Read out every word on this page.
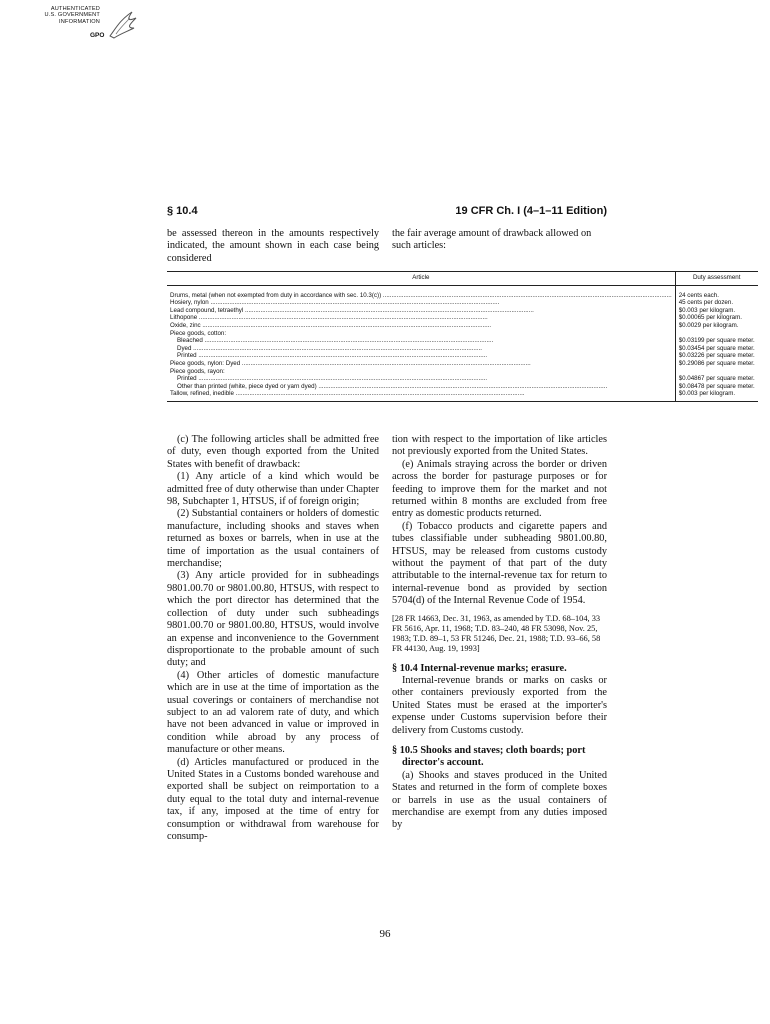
AUTHENTICATED
U.S. GOVERNMENT
INFORMATION
GPO
§ 10.4	19 CFR Ch. I (4–1–11 Edition)

be assessed thereon in the amounts respectively indicated, the amount shown in each case being considered

the fair average amount of drawback allowed on such articles:

Article	Duty assessment
Drums, metal (when not exempted from duty in accordance with sec. 10.3(c)) .....	24 cents each.
Hosiery, nylon .....	45 cents per dozen.
Lead compound, tetraethyl .....	$0.003 per kilogram.
Lithopone .....	$0.00065 per kilogram.
Oxide, zinc .....	$0.0029 per kilogram.
Piece goods, cotton:	
Bleached .....	$0.03199 per square meter.
Dyed .....	$0.03454 per square meter.
Printed .....	$0.03226 per square meter.
Piece goods, nylon: Dyed .....	$0.29086 per square meter.
Piece goods, rayon:	
Printed .....	$0.04867 per square meter.
Other than printed (white, piece dyed or yarn dyed) .....	$0.08478 per square meter.
Tallow, refined, inedible .....	$0.003 per kilogram.

(c) The following articles shall be admitted free of duty, even though exported from the United States with benefit of drawback:

(1) Any article of a kind which would be admitted free of duty otherwise than under Chapter 98, Subchapter 1, HTSUS, if of foreign origin;

(2) Substantial containers or holders of domestic manufacture, including shooks and staves when returned as boxes or barrels, when in use at the time of importation as the usual containers of merchandise;

(3) Any article provided for in subheadings 9801.00.70 or 9801.00.80, HTSUS, with respect to which the port director has determined that the collection of duty under such subheadings 9801.00.70 or 9801.00.80, HTSUS, would involve an expense and inconvenience to the Government disproportionate to the probable amount of such duty; and

(4) Other articles of domestic manufacture which are in use at the time of importation as the usual coverings or containers of merchandise not subject to an ad valorem rate of duty, and which have not been advanced in value or improved in condition while abroad by any process of manufacture or other means.

(d) Articles manufactured or produced in the United States in a Customs bonded warehouse and exported shall be subject on reimportation to a duty equal to the total duty and internal-revenue tax, if any, imposed at the time of entry for consumption or withdrawal from warehouse for consump-

tion with respect to the importation of like articles not previously exported from the United States.

(e) Animals straying across the border or driven across the border for pasturage purposes or for feeding to improve them for the market and not returned within 8 months are excluded from free entry as domestic products returned.

(f) Tobacco products and cigarette papers and tubes classifiable under subheading 9801.00.80, HTSUS, may be released from customs custody without the payment of that part of the duty attributable to the internal-revenue tax for return to internal-revenue bond as provided by section 5704(d) of the Internal Revenue Code of 1954.

[28 FR 14663, Dec. 31, 1963, as amended by T.D. 68–104, 33 FR 5616, Apr. 11, 1968; T.D. 83–240, 48 FR 53098, Nov. 25, 1983; T.D. 89–1, 53 FR 51246, Dec. 21, 1988; T.D. 93–66, 58 FR 44130, Aug. 19, 1993]

§ 10.4 Internal-revenue marks; erasure.

Internal-revenue brands or marks on casks or other containers previously exported from the United States must be erased at the importer's expense under Customs supervision before their delivery from Customs custody.

§ 10.5 Shooks and staves; cloth boards; port director's account.

(a) Shooks and staves produced in the United States and returned in the form of complete boxes or barrels in use as the usual containers of merchandise are exempt from any duties imposed by

96
